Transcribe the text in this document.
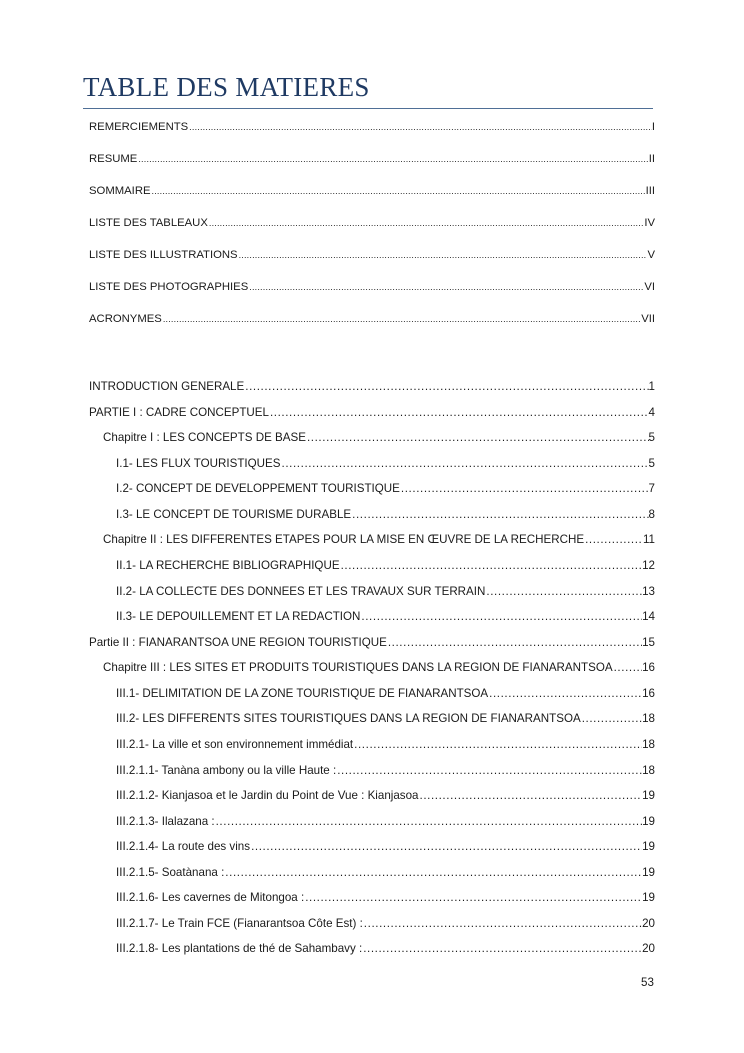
TABLE DES MATIERES
REMERCIEMENTS .....	I
RESUME .....	II
SOMMAIRE .....	III
LISTE DES TABLEAUX .....	IV
LISTE DES ILLUSTRATIONS .....	V
LISTE DES PHOTOGRAPHIES .....	VI
ACRONYMES .....	VII
INTRODUCTION GENERALE .....	1
PARTIE I : CADRE CONCEPTUEL .....	4
Chapitre I : LES CONCEPTS DE BASE .....	5
I.1- LES FLUX TOURISTIQUES .....	5
I.2- CONCEPT DE DEVELOPPEMENT TOURISTIQUE .....	7
I.3- LE CONCEPT DE TOURISME DURABLE .....	8
Chapitre II : LES DIFFERENTES ETAPES POUR LA MISE EN ŒUVRE DE LA RECHERCHE .....	11
II.1- LA RECHERCHE BIBLIOGRAPHIQUE .....	12
II.2- LA COLLECTE DES DONNEES ET LES TRAVAUX SUR TERRAIN .....	13
II.3- LE DEPOUILLEMENT ET LA REDACTION .....	14
Partie II : FIANARANTSOA UNE REGION TOURISTIQUE .....	15
Chapitre III : LES SITES ET PRODUITS TOURISTIQUES DANS LA REGION DE FIANARANTSOA .....	16
III.1- DELIMITATION DE LA ZONE TOURISTIQUE DE FIANARANTSOA .....	16
III.2- LES DIFFERENTS SITES TOURISTIQUES DANS LA REGION DE FIANARANTSOA .....	18
III.2.1- La ville et son environnement immédiat .....	18
III.2.1.1- Tanàna ambony ou la ville Haute : .....	18
III.2.1.2- Kianjasoa et le Jardin du Point de Vue : Kianjasoa .....	19
III.2.1.3- Ilalazana : .....	19
III.2.1.4- La route des vins .....	19
III.2.1.5- Soatànana : .....	19
III.2.1.6- Les cavernes de Mitongoa : .....	19
III.2.1.7- Le Train FCE (Fianarantsoa Côte Est) : .....	20
III.2.1.8- Les plantations de thé de Sahambavy : .....	20
53
